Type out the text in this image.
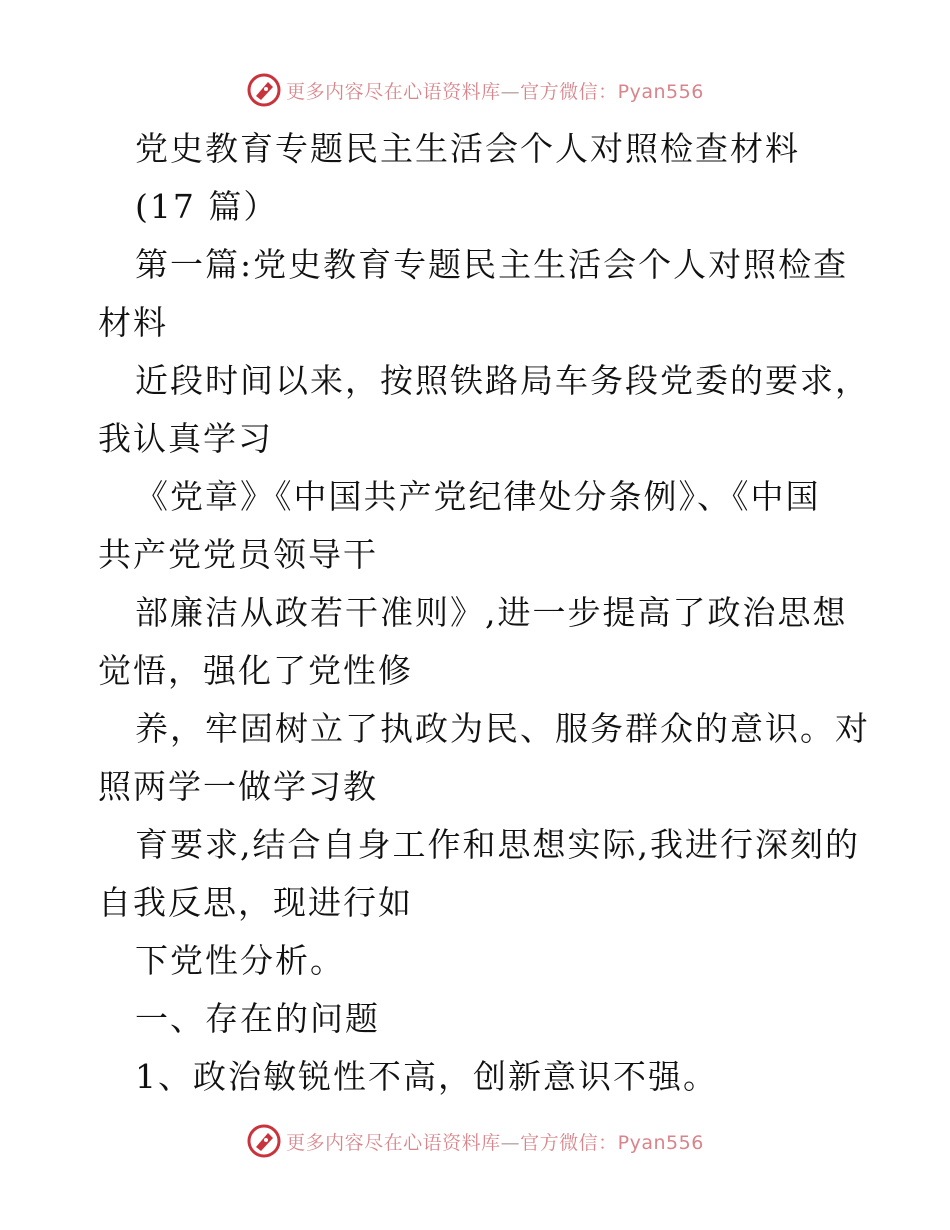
更多内容尽在心语资料库—官方微信：Pyan556
党史教育专题民主生活会个人对照检查材料
(17 篇）
第一篇:党史教育专题民主生活会个人对照检查
材料
近段时间以来，按照铁路局车务段党委的要求，
我认真学习
《党章》《中国共产党纪律处分条例》、《中国
共产党党员领导干
部廉洁从政若干准则》,进一步提高了政治思想
觉悟，强化了党性修
养，牢固树立了执政为民、服务群众的意识。对
照两学一做学习教
育要求,结合自身工作和思想实际,我进行深刻的
自我反思，现进行如
下党性分析。
一、存在的问题
1、政治敏锐性不高，创新意识不强。
更多内容尽在心语资料库—官方微信：Pyan556
